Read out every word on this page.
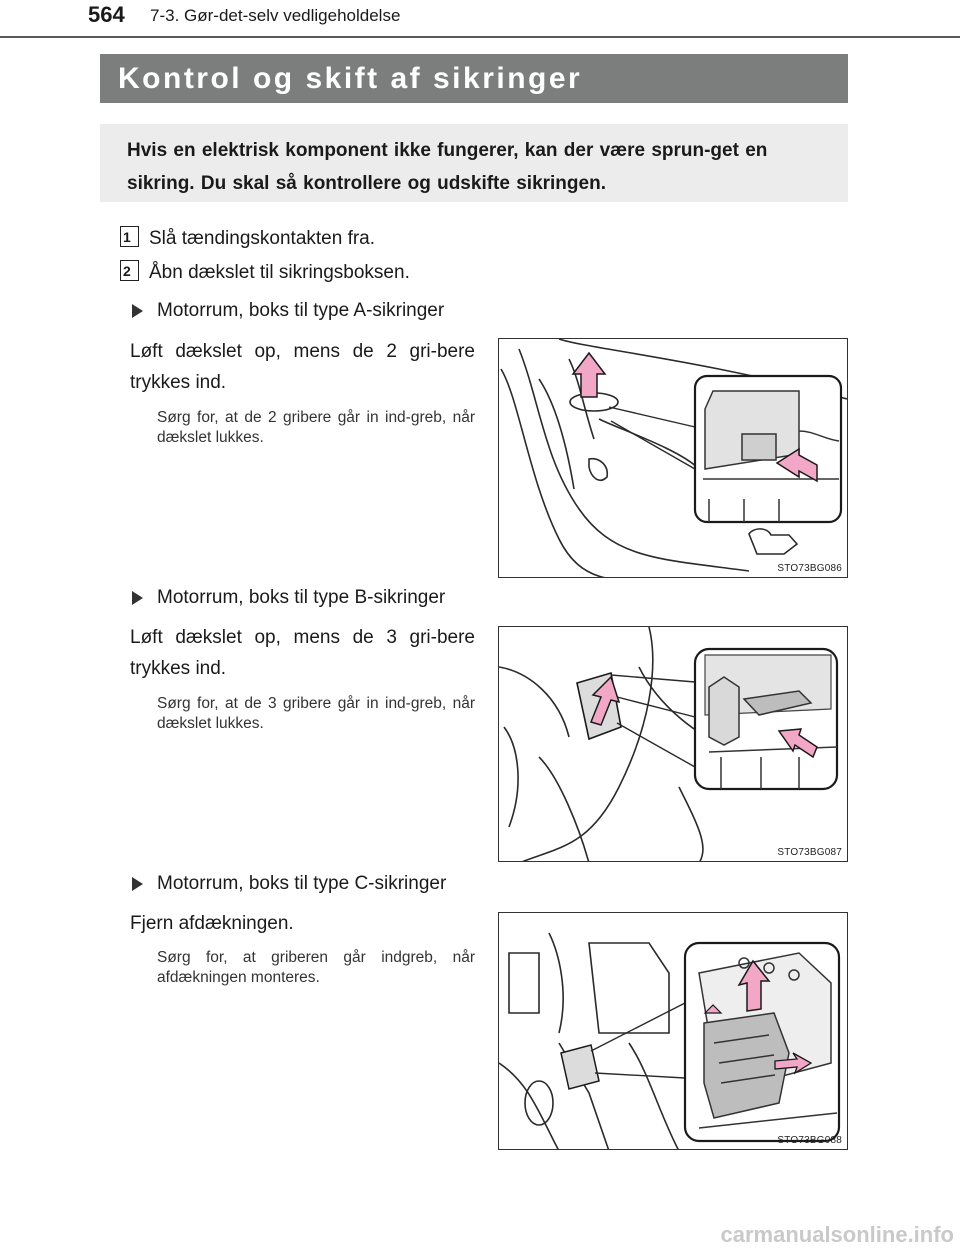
564 7-3. Gør-det-selv vedligeholdelse
Kontrol og skift af sikringer
Hvis en elektrisk komponent ikke fungerer, kan der være sprun-get en sikring. Du skal så kontrollere og udskifte sikringen.
1 Slå tændingskontakten fra.
2 Åbn dækslet til sikringsboksen.
Motorrum, boks til type A-sikringer
Løft dækslet op, mens de 2 gri-bere trykkes ind.
Sørg for, at de 2 gribere går in ind-greb, når dækslet lukkes.
STO73BG086
Motorrum, boks til type B-sikringer
Løft dækslet op, mens de 3 gri-bere trykkes ind.
Sørg for, at de 3 gribere går in ind-greb, når dækslet lukkes.
STO73BG087
Motorrum, boks til type C-sikringer
Fjern afdækningen.
Sørg for, at griberen går indgreb, når afdækningen monteres.
STO73BG088
carmanualsonline.info
